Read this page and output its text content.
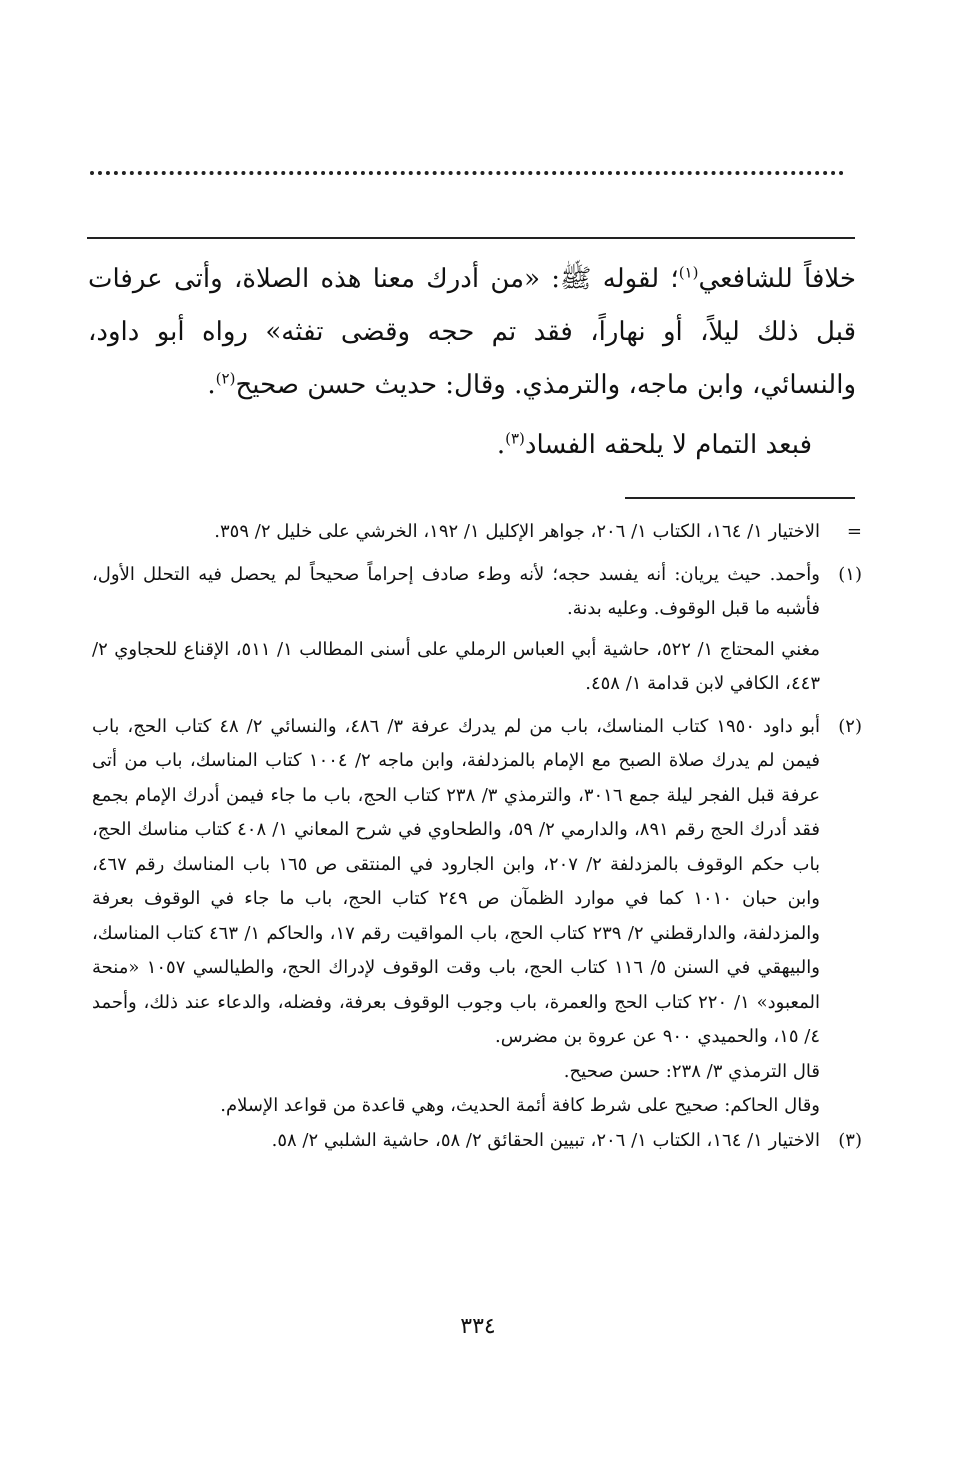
خلافاً للشافعي$^{(١)}$؛ لقوله ﷺ: «من أدرك معنا هذه الصلاة، وأتى عرفات قبل ذلك ليلاً، أو نهاراً، فقد تم حجه وقضى تفثه» رواه أبو داود، والنسائي، وابن ماجه، والترمذي. وقال: حديث حسن صحيح$^{(٢)}$.

فبعد التمام لا يلحقه الفساد$^{(٣)}$.

=

الاختيار ١/ ١٦٤، الكتاب ١/ ٢٠٦، جواهر الإكليل ١/ ١٩٢، الخرشي على خليل ٢/ ٣٥٩.

(١)

وأحمد. حيث يريان: أنه يفسد حجه؛ لأنه وطء صادف إحراماً صحيحاً لم يحصل فيه التحلل الأول، فأشبه ما قبل الوقوف. وعليه بدنة.

مغني المحتاج ١/ ٥٢٢، حاشية أبي العباس الرملي على أسنى المطالب ١/ ٥١١، الإقناع للحجاوي ٢/ ٤٤٣، الكافي لابن قدامة ١/ ٤٥٨.

(٢)

أبو داود ١٩٥٠ كتاب المناسك، باب من لم يدرك عرفة ٣/ ٤٨٦، والنسائي ٢/ ٤٨ كتاب الحج، باب فيمن لم يدرك صلاة الصبح مع الإمام بالمزدلفة، وابن ماجه ٢/ ١٠٠٤ كتاب المناسك، باب من أتى عرفة قبل الفجر ليلة جمع ٣٠١٦، والترمذي ٣/ ٢٣٨ كتاب الحج، باب ما جاء فيمن أدرك الإمام بجمع فقد أدرك الحج رقم ٨٩١، والدارمي ٢/ ٥٩، والطحاوي في شرح المعاني ١/ ٤٠٨ كتاب مناسك الحج، باب حكم الوقوف بالمزدلفة ٢/ ٢٠٧، وابن الجارود في المنتقى ص ١٦٥ باب المناسك رقم ٤٦٧، وابن حبان ١٠١٠ كما في موارد الظمآن ص ٢٤٩ كتاب الحج، باب ما جاء في الوقوف بعرفة والمزدلفة، والدارقطني ٢/ ٢٣٩ كتاب الحج، باب المواقيت رقم ١٧، والحاكم ١/ ٤٦٣ كتاب المناسك، والبيهقي في السنن ٥/ ١١٦ كتاب الحج، باب وقت الوقوف لإدراك الحج، والطيالسي ١٠٥٧ «منحة المعبود» ١/ ٢٢٠ كتاب الحج والعمرة، باب وجوب الوقوف بعرفة، وفضله، والدعاء عند ذلك، وأحمد ٤/ ١٥، والحميدي ٩٠٠ عن عروة بن مضرس.

قال الترمذي ٣/ ٢٣٨: حسن صحيح.

وقال الحاكم: صحيح على شرط كافة أئمة الحديث، وهي قاعدة من قواعد الإسلام.

(٣)

الاختيار ١/ ١٦٤، الكتاب ١/ ٢٠٦، تبيين الحقائق ٢/ ٥٨، حاشية الشلبي ٢/ ٥٨.

٣٣٤
